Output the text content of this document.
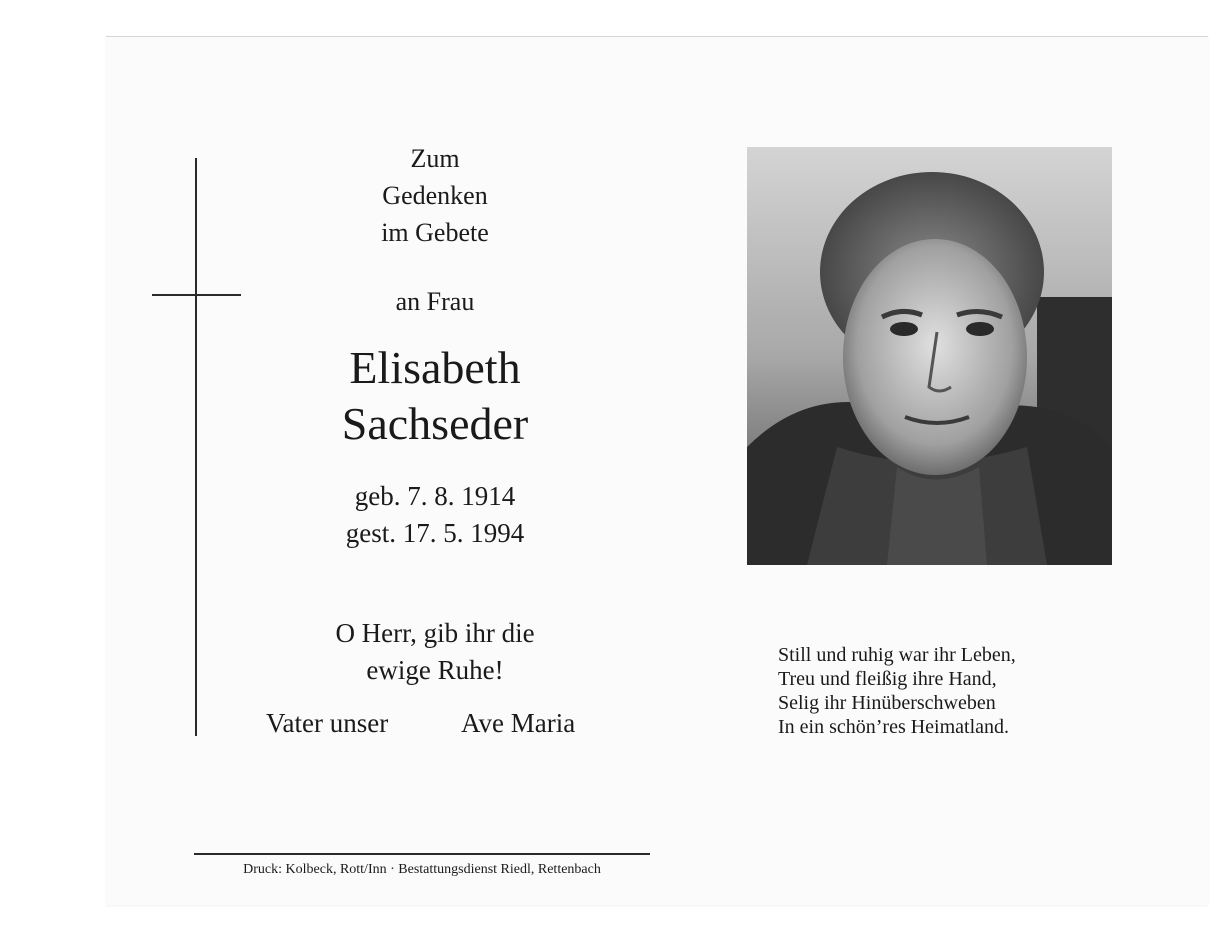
Zum
Gedenken
im Gebete
an Frau
Elisabeth
Sachseder
geb. 7. 8. 1914
gest. 17. 5. 1994
O Herr, gib ihr die
ewige Ruhe!
Vater unser	Ave Maria
Druck: Kolbeck, Rott/Inn · Bestattungsdienst Riedl, Rettenbach
Still und ruhig war ihr Leben,
Treu und fleißig ihre Hand,
Selig ihr Hinüberschweben
In ein schön’res Heimatland.
